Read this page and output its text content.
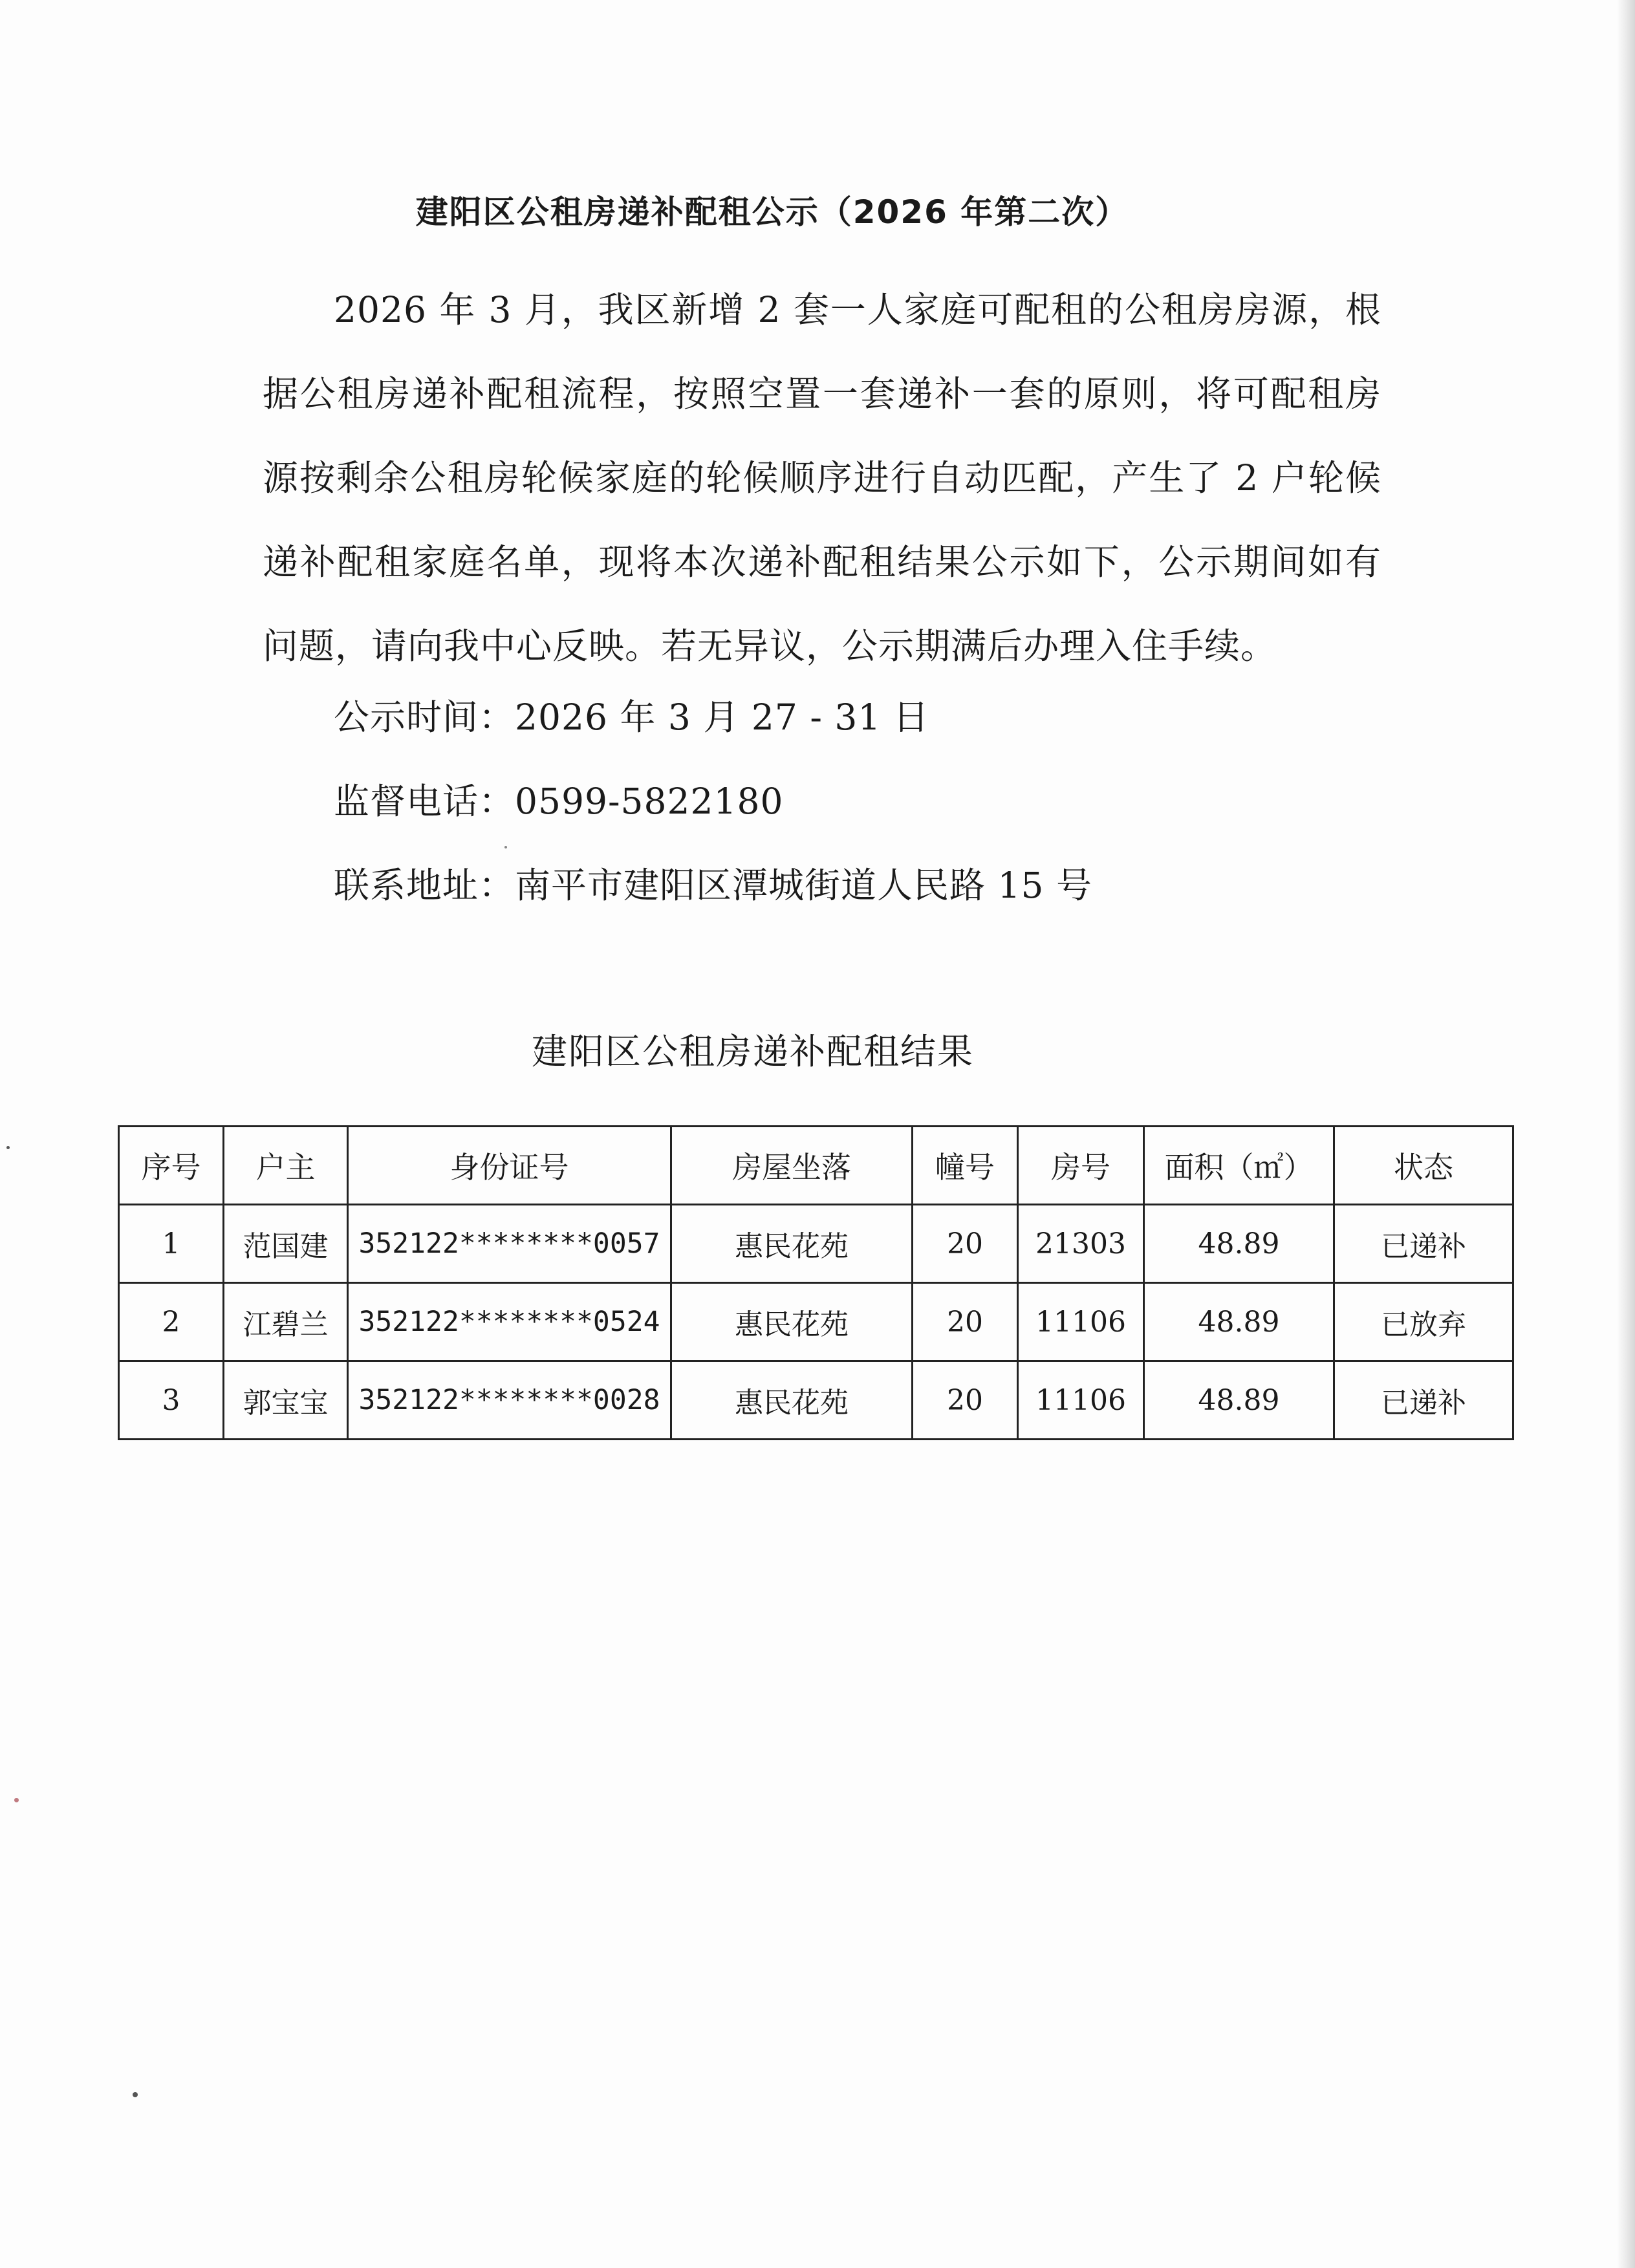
建阳区公租房递补配租公示（2026 年第二次）

2026 年 3 月，我区新增 2 套一人家庭可配租的公租房房源，根据公租房递补配租流程，按照空置一套递补一套的原则，将可配租房源按剩余公租房轮候家庭的轮候顺序进行自动匹配，产生了 2 户轮候递补配租家庭名单，现将本次递补配租结果公示如下，公示期间如有问题，请向我中心反映。若无异议，公示期满后办理入住手续。

公示时间：2026 年 3 月 27 - 31 日
监督电话：0599-5822180
联系地址：南平市建阳区潭城街道人民路 15 号
建阳区公租房递补配租结果
序号	户主	身份证号	房屋坐落	幢号	房号	面积（㎡）	状态
1	范国建	352122********0057	惠民花苑	20	21303	48.89	已递补
2	江碧兰	352122********0524	惠民花苑	20	11106	48.89	已放弃
3	郭宝宝	352122********0028	惠民花苑	20	11106	48.89	已递补
